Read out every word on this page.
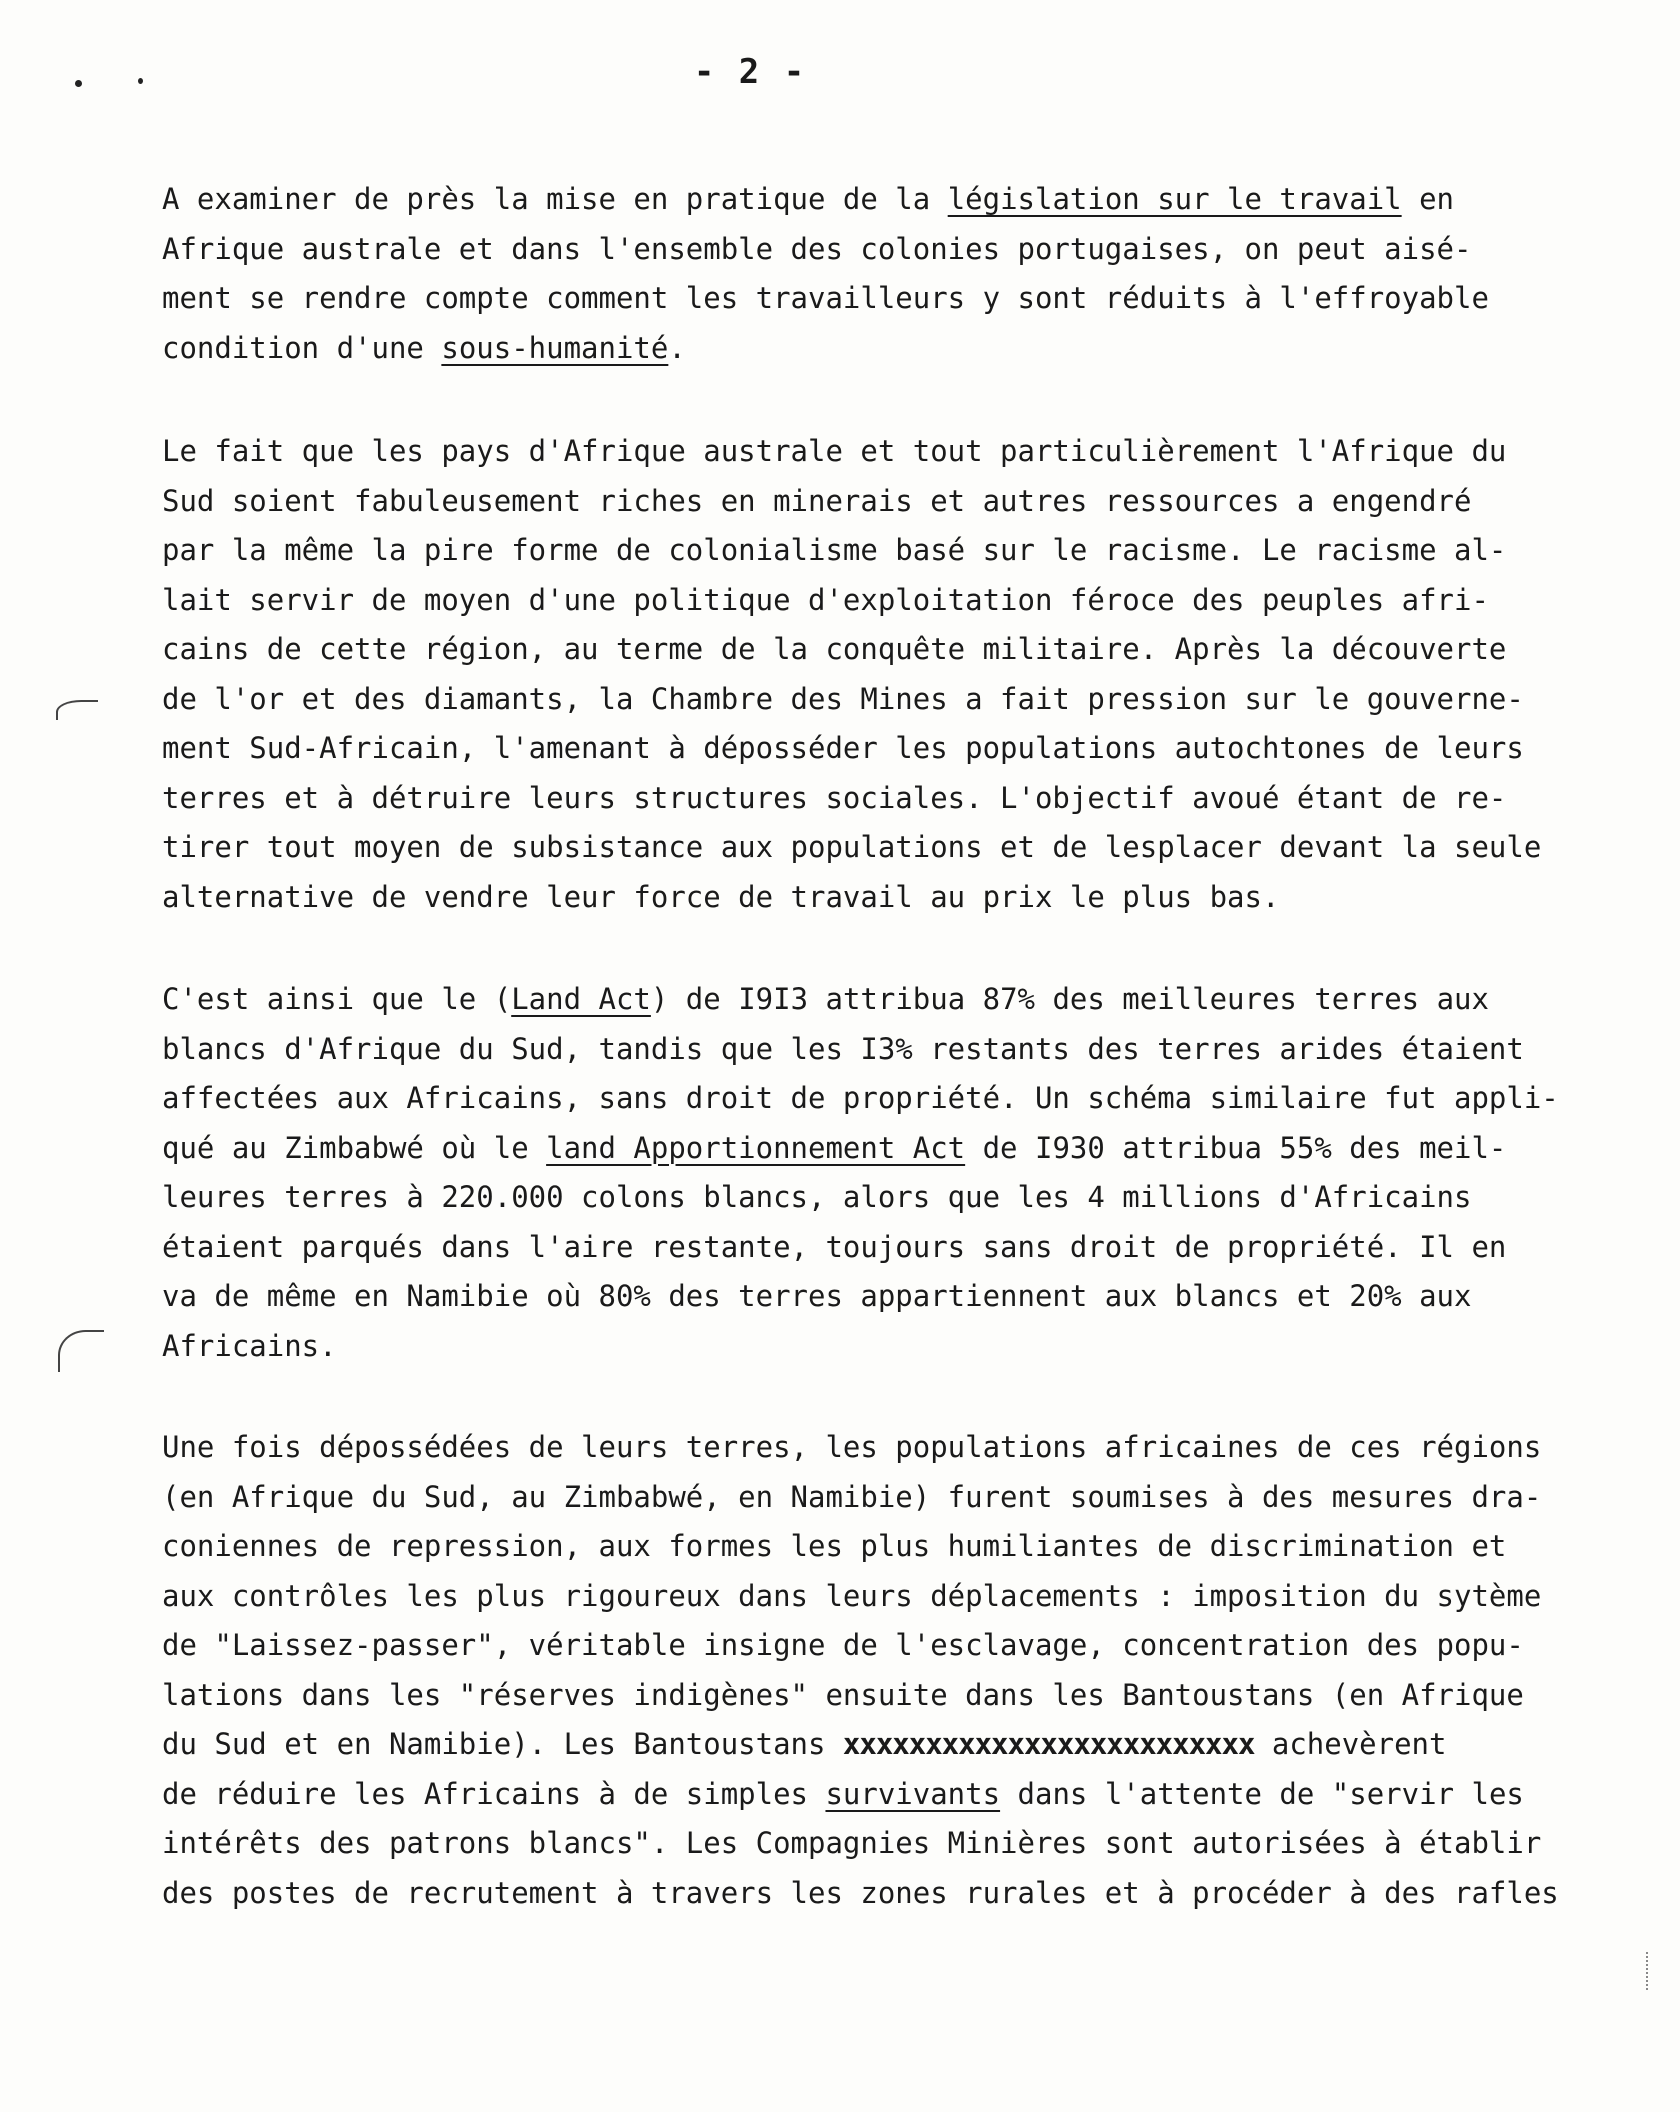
- 2 -
A examiner de près la mise en pratique de la législation sur le travail en
Afrique australe et dans l'ensemble des colonies portugaises, on peut aisé-
ment se rendre compte comment les travailleurs y sont réduits à l'effroyable
condition d'une sous-humanité.
Le fait que les pays d'Afrique australe et tout particulièrement l'Afrique du
Sud soient fabuleusement riches en minerais et autres ressources a engendré
par la même la pire forme de colonialisme basé sur le racisme. Le racisme al-
lait servir de moyen d'une politique d'exploitation féroce des peuples afri-
cains de cette région, au terme de la conquête militaire. Après la découverte
de l'or et des diamants, la Chambre des Mines a fait pression sur le gouverne-
ment Sud-Africain, l'amenant à déposséder les populations autochtones de leurs
terres et à détruire leurs structures sociales. L'objectif avoué étant de re-
tirer tout moyen de subsistance aux populations et de lesplacer devant la seule
alternative de vendre leur force de travail au prix le plus bas.
C'est ainsi que le (Land Act) de I9I3 attribua 87% des meilleures terres aux
blancs d'Afrique du Sud, tandis que les I3% restants des terres arides étaient
affectées aux Africains, sans droit de propriété. Un schéma similaire fut appli-
qué au Zimbabwé où le land Apportionnement Act de I930 attribua 55% des meil-
leures terres à 220.000 colons blancs, alors que les 4 millions d'Africains
étaient parqués dans l'aire restante, toujours sans droit de propriété. Il en
va de même en Namibie où 80% des terres appartiennent aux blancs et 20% aux
Africains.
Une fois dépossédées de leurs terres, les populations africaines de ces régions
(en Afrique du Sud, au Zimbabwé, en Namibie) furent soumises à des mesures dra-
coniennes de repression, aux formes les plus humiliantes de discrimination et
aux contrôles les plus rigoureux dans leurs déplacements : imposition du sytème
de "Laissez-passer", véritable insigne de l'esclavage, concentration des popu-
lations dans les "réserves indigènes" ensuite dans les Bantoustans (en Afrique
du Sud et en Namibie). Les Bantoustans xxxxxxxxxxxxxxxxxxxxxxxxx achevèrent
de réduire les Africains à de simples survivants dans l'attente de "servir les
intérêts des patrons blancs". Les Compagnies Minières sont autorisées à établir
des postes de recrutement à travers les zones rurales et à procéder à des rafles
